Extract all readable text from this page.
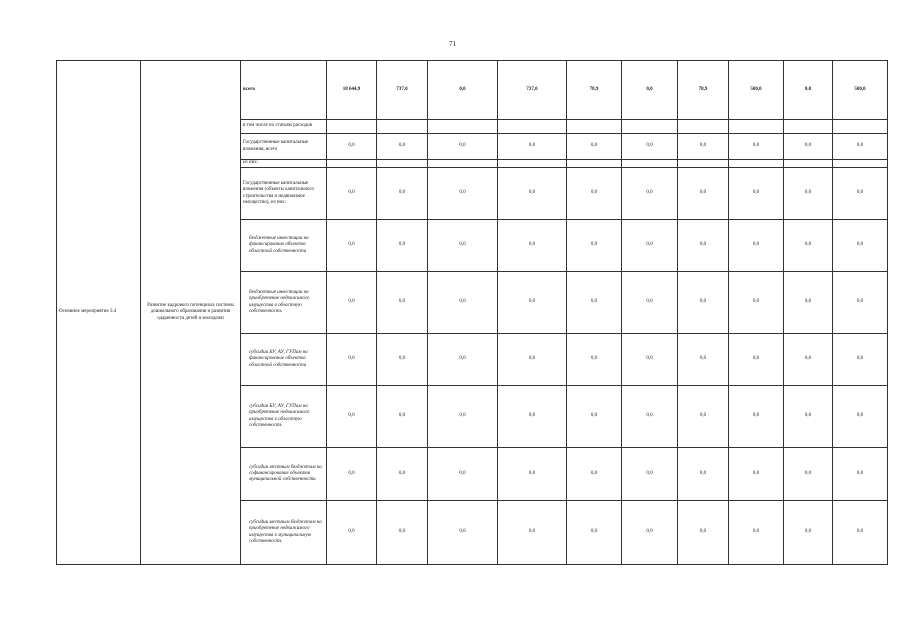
71
Основное мероприятие 3.4	Развитие кадрового потенциала системы дошкольного образования и развития одаренности детей и молодежи	всего	18 644,9	737,0	0,0	737,0	78,9	0,0	78,9	500,0	0,0	500,0
		в том числе по статьям расходов										
		Государственные капитальные вложения, всего	0,0	0,0	0,0	0,0	0,0	0,0	0,0	0,0	0,0	0,0
		из них:										
		Государственные капитальные вложения (объекты капитального строительства и недвижимое имущество), из них:	0,0	0,0	0,0	0,0	0,0	0,0	0,0	0,0	0,0	0,0
		бюджетные инвестиции на финансирование объектов областной собственности	0,0	0,0	0,0	0,0	0,0	0,0	0,0	0,0	0,0	0,0
		бюджетные инвестиции на приобретение недвижимого имущества в областную собственность	0,0	0,0	0,0	0,0	0,0	0,0	0,0	0,0	0,0	0,0
		субсидии БУ, АУ, ГУПам на финансирование объектов областной собственности	0,0	0,0	0,0	0,0	0,0	0,0	0,0	0,0	0,0	0,0
		субсидии БУ, АУ, ГУПам на приобретение недвижимого имущества в областную собственность	0,0	0,0	0,0	0,0	0,0	0,0	0,0	0,0	0,0	0,0
		субсидии местным бюджетам на софинансирование объектов муниципальной собственности	0,0	0,0	0,0	0,0	0,0	0,0	0,0	0,0	0,0	0,0
		субсидии местным бюджетам на приобретение недвижимого имущества в муниципальную собственность	0,0	0,0	0,0	0,0	0,0	0,0	0,0	0,0	0,0	0,0
